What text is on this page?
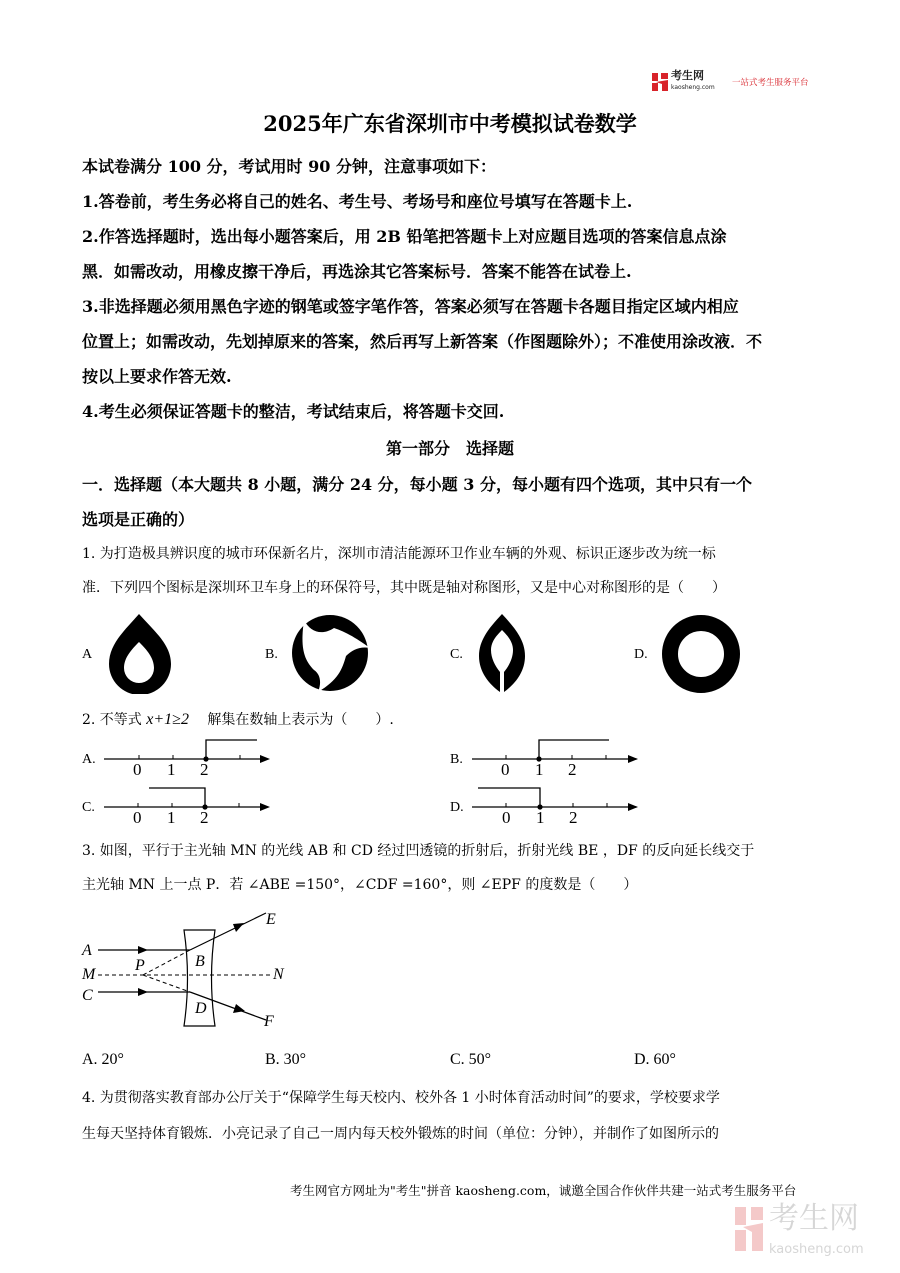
考生网
kaosheng.com 一站式考生服务平台
2025年广东省深圳市中考模拟试卷数学
本试卷满分 100 分，考试用时 90 分钟，注意事项如下：
1.答卷前，考生务必将自己的姓名、考生号、考场号和座位号填写在答题卡上.
2.作答选择题时，选出每小题答案后，用 2B 铅笔把答题卡上对应题目选项的答案信息点涂
黑．如需改动，用橡皮擦干净后，再选涂其它答案标号．答案不能答在试卷上.
3.非选择题必须用黑色字迹的钢笔或签字笔作答，答案必须写在答题卡各题目指定区域内相应
位置上；如需改动，先划掉原来的答案，然后再写上新答案（作图题除外）；不准使用涂改液．不
按以上要求作答无效.
4.考生必须保证答题卡的整洁，考试结束后，将答题卡交回.
第一部分　选择题
一．选择题（本大题共 8 小题，满分 24 分，每小题 3 分，每小题有四个选项，其中只有一个
选项是正确的）
1. 为打造极具辨识度的城市环保新名片，深圳市清洁能源环卫作业车辆的外观、标识正逐步改为统一标
准．下列四个图标是深圳环卫车身上的环保符号，其中既是轴对称图形，又是中心对称图形的是（　　）
A	B.	C.	D.
2. 不等式 x+1≥2 　解集在数轴上表示为（　　）.
A.
0 1 2
B.
0 1 2
C.
0 1 2
D.
0 1 2
3. 如图，平行于主光轴 MN 的光线 AB 和 CD 经过凹透镜的折射后，折射光线 BE ，DF 的反向延长线交于
主光轴 MN 上一点 P．若 ∠ABE =150°，∠CDF =160°，则 ∠EPF 的度数是（　　）
A
M
C
P	B
D
E
N
F
A. 20°	B. 30°	C. 50°	D. 60°
4. 为贯彻落实教育部办公厅关于“保障学生每天校内、校外各 1 小时体育活动时间”的要求，学校要求学
生每天坚持体育锻炼．小亮记录了自己一周内每天校外锻炼的时间（单位：分钟），并制作了如图所示的
考生网官方网址为"考生"拼音 kaosheng.com，诚邀全国合作伙伴共建一站式考生服务平台
考生网
kaosheng.com
